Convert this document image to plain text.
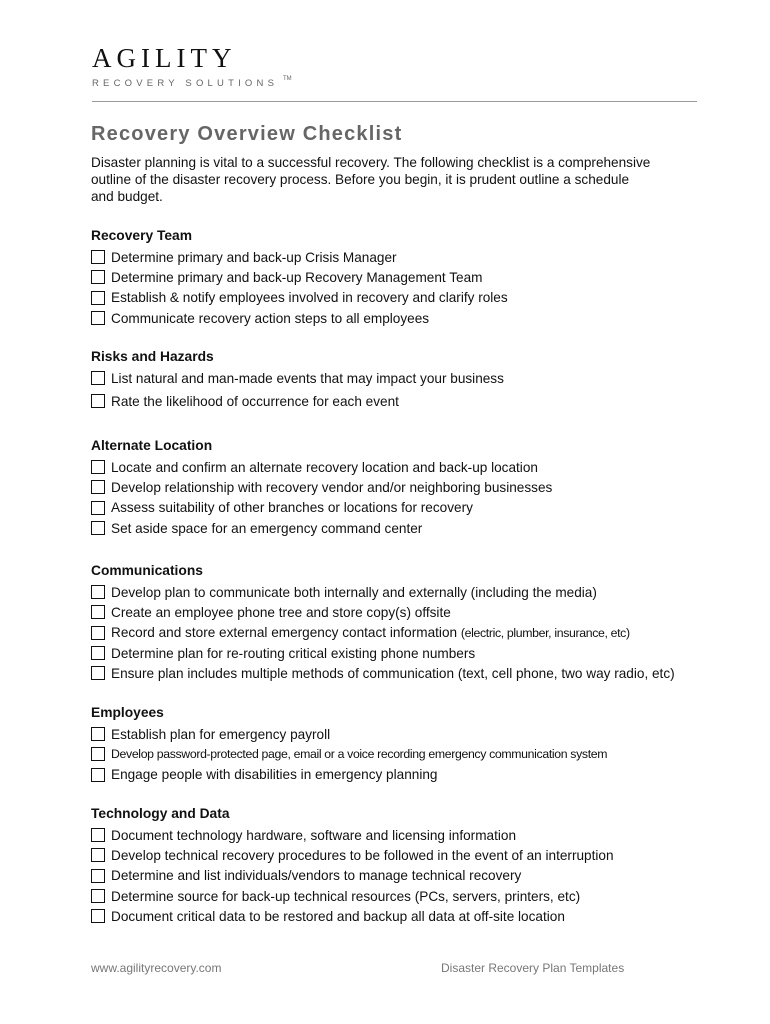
AGILITY
RECOVERY SOLUTIONS ™
Recovery Overview Checklist

Disaster planning is vital to a successful recovery. The following checklist is a comprehensive outline of the disaster recovery process. Before you begin, it is prudent outline a schedule and budget.

Recovery Team
Determine primary and back-up Crisis Manager
Determine primary and back-up Recovery Management Team
Establish & notify employees involved in recovery and clarify roles
Communicate recovery action steps to all employees
Risks and Hazards
List natural and man-made events that may impact your business
Rate the likelihood of occurrence for each event
Alternate Location
Locate and confirm an alternate recovery location and back-up location
Develop relationship with recovery vendor and/or neighboring businesses
Assess suitability of other branches or locations for recovery
Set aside space for an emergency command center
Communications
Develop plan to communicate both internally and externally (including the media)
Create an employee phone tree and store copy(s) offsite
Record and store external emergency contact information
(electric, plumber, insurance, etc)
Determine plan for re-routing critical existing phone numbers
Ensure plan includes multiple methods of communication (text, cell phone, two way radio, etc)
Employees
Establish plan for emergency payroll
Develop password-protected page, email or a voice recording emergency communication system
Engage people with disabilities in emergency planning
Technology and Data
Document technology hardware, software and licensing information
Develop technical recovery procedures to be followed in the event of an interruption
Determine and list individuals/vendors to manage technical recovery
Determine source for back-up technical resources (PCs, servers, printers, etc)
Document critical data to be restored and backup all data at off-site location
www.agilityrecovery.com	Disaster Recovery Plan Templates
